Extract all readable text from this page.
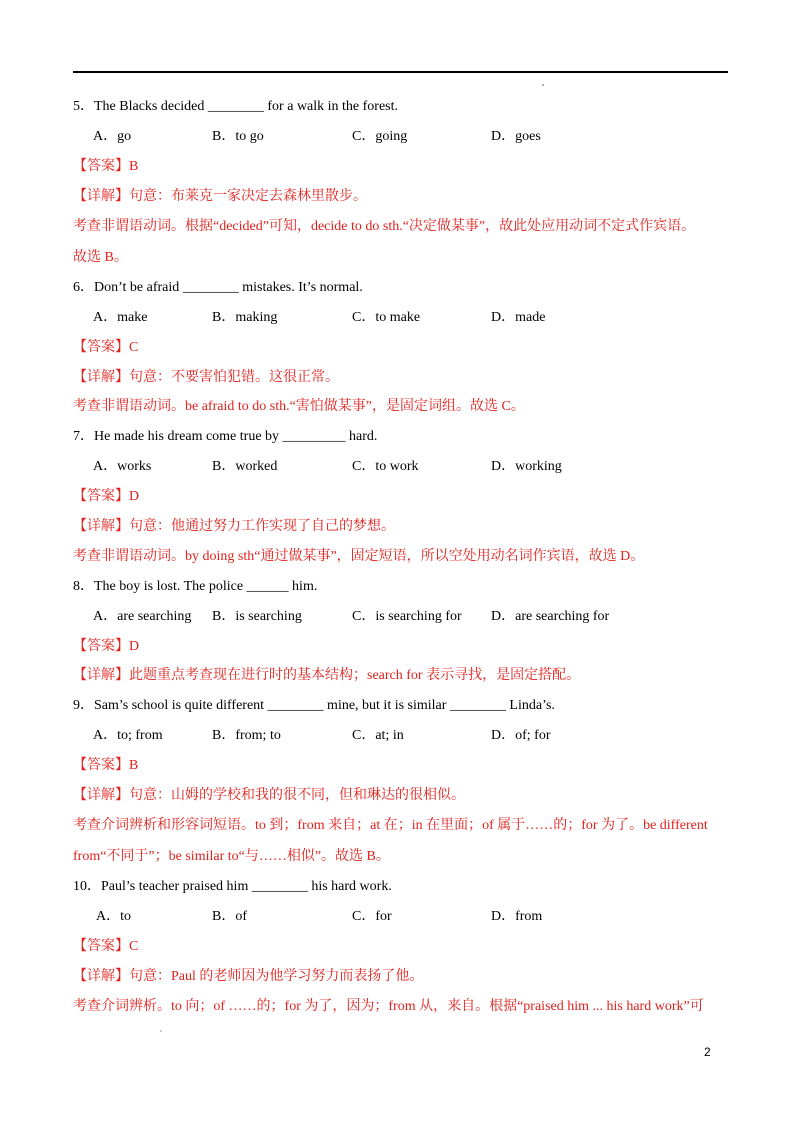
5．The Blacks decided ________ for a walk in the forest.
A．go	B．to go	C．going	D．goes
【答案】B
【详解】句意：布莱克一家决定去森林里散步。
考查非谓语动词。根据“decided”可知，decide to do sth.“决定做某事”，故此处应用动词不定式作宾语。
故选 B。
6．Don’t be afraid ________ mistakes. It’s normal.
A．make	B．making	C．to make	D．made
【答案】C
【详解】句意：不要害怕犯错。这很正常。
考查非谓语动词。be afraid to do sth.“害怕做某事”，是固定词组。故选 C。
7．He made his dream come true by _________ hard.
A．works	B．worked	C．to work	D．working
【答案】D
【详解】句意：他通过努力工作实现了自己的梦想。
考查非谓语动词。by doing sth“通过做某事”，固定短语，所以空处用动名词作宾语，故选 D。
8．The boy is lost. The police ______ him.
A．are searching B．is searching	C．is searching for D．are searching for
【答案】D
【详解】此题重点考查现在进行时的基本结构；search for 表示寻找，是固定搭配。
9．Sam’s school is quite different ________ mine, but it is similar ________ Linda’s.
A．to; from	B．from; to	C．at; in	D．of; for
【答案】B
【详解】句意：山姆的学校和我的很不同，但和琳达的很相似。
考查介词辨析和形容词短语。to 到；from 来自；at 在；in 在里面；of 属于……的；for 为了。be different
from“不同于”；be similar to“与……相似”。故选 B。
10．Paul’s teacher praised him ________ his hard work.
A．to	B．of	C．for	D．from
【答案】C
【详解】句意：Paul 的老师因为他学习努力而表扬了他。
考查介词辨析。to 向；of ……的；for 为了，因为；from 从，来自。根据“praised him ... his hard work”可
2
